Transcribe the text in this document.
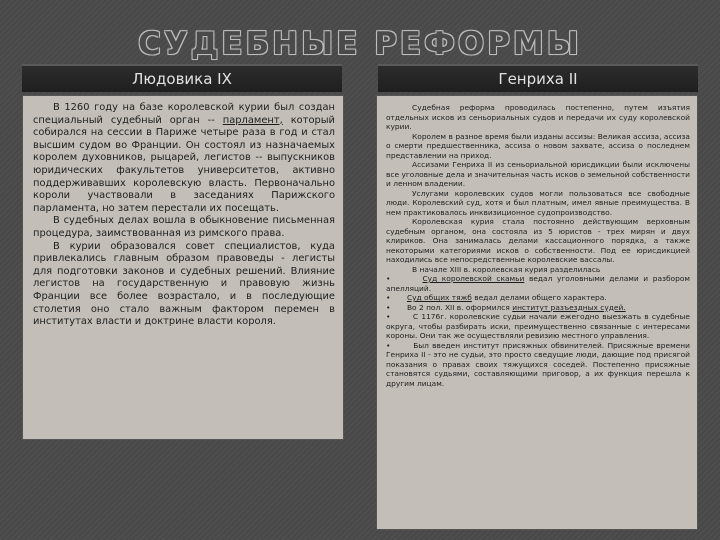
СУДЕБНЫЕ РЕФОРМЫ
Людовика IX	Генриха II

В 1260 году на базе королевской курии был создан специальный судебный орган -- парламент, который собирался на сессии в Париже четыре раза в год и стал высшим судом во Франции. Он состоял из назначаемых королем духовников, рыцарей, легистов -- выпускников юридических факультетов университетов, активно поддерживавших королевскую власть. Первоначально короли участвовали в заседаниях Парижского парламента, но затем перестали их посещать.

В судебных делах вошла в обыкновение письменная процедура, заимствованная из римского права.

В курии образовался совет специалистов, куда привлекались главным образом правоведы - легисты для подготовки законов и судебных решений. Влияние легистов на государственную и правовую жизнь Франции все более возрастало, и в последующие столетия оно стало важным фактором перемен в институтах власти и доктрине власти короля.

Судебная реформа проводилась постепенно, путем изъятия отдельных исков из сеньориальных судов и передачи их суду королевской курии.

Королем в разное время были изданы ассизы: Великая ассиза, ассиза о смерти предшественника, ассиза о новом захвате, ассиза о последнем представлении на приход.

Ассизами Генриха II из сеньориальной юрисдикции были исключены все уголовные дела и значительная часть исков о земельной собственности и ленном владении.

Услугами королевских судов могли пользоваться все свободные люди. Королевский суд, хотя и был платным, имел явные преимущества. В нем практиковалось инквизиционное судопроизводство.

Королевская курия стала постоянно действующим верховным судебным органом, она состояла из 5 юристов - трех мирян и двух клириков. Она занималась делами кассационного порядка, а также некоторыми категориями исков о собственности. Под ее юрисдикцией находились все непосредственные королевские вассалы.

В начале XIII в. королевская курия разделилась

•	Суд королевской скамьи ведал уголовными делами и разбором апелляций.

• Суд общих тяжб ведал делами общего характера.

• Во 2 пол. XII в. оформился институт разъездных судей.

•	С 1176г. королевские судьи начали ежегодно выезжать в судебные округа, чтобы разбирать иски, преимущественно связанные с интересами короны. Они так же осуществляли ревизию местного управления.

•	Был введен институт присяжных обвинителей. Присяжные времени Генриха II - это не судьи, это просто сведущие люди, дающие под присягой показания о правах своих тяжущихся соседей. Постепенно присяжные становятся судьями, составляющими приговор, а их функция перешла к другим лицам.
